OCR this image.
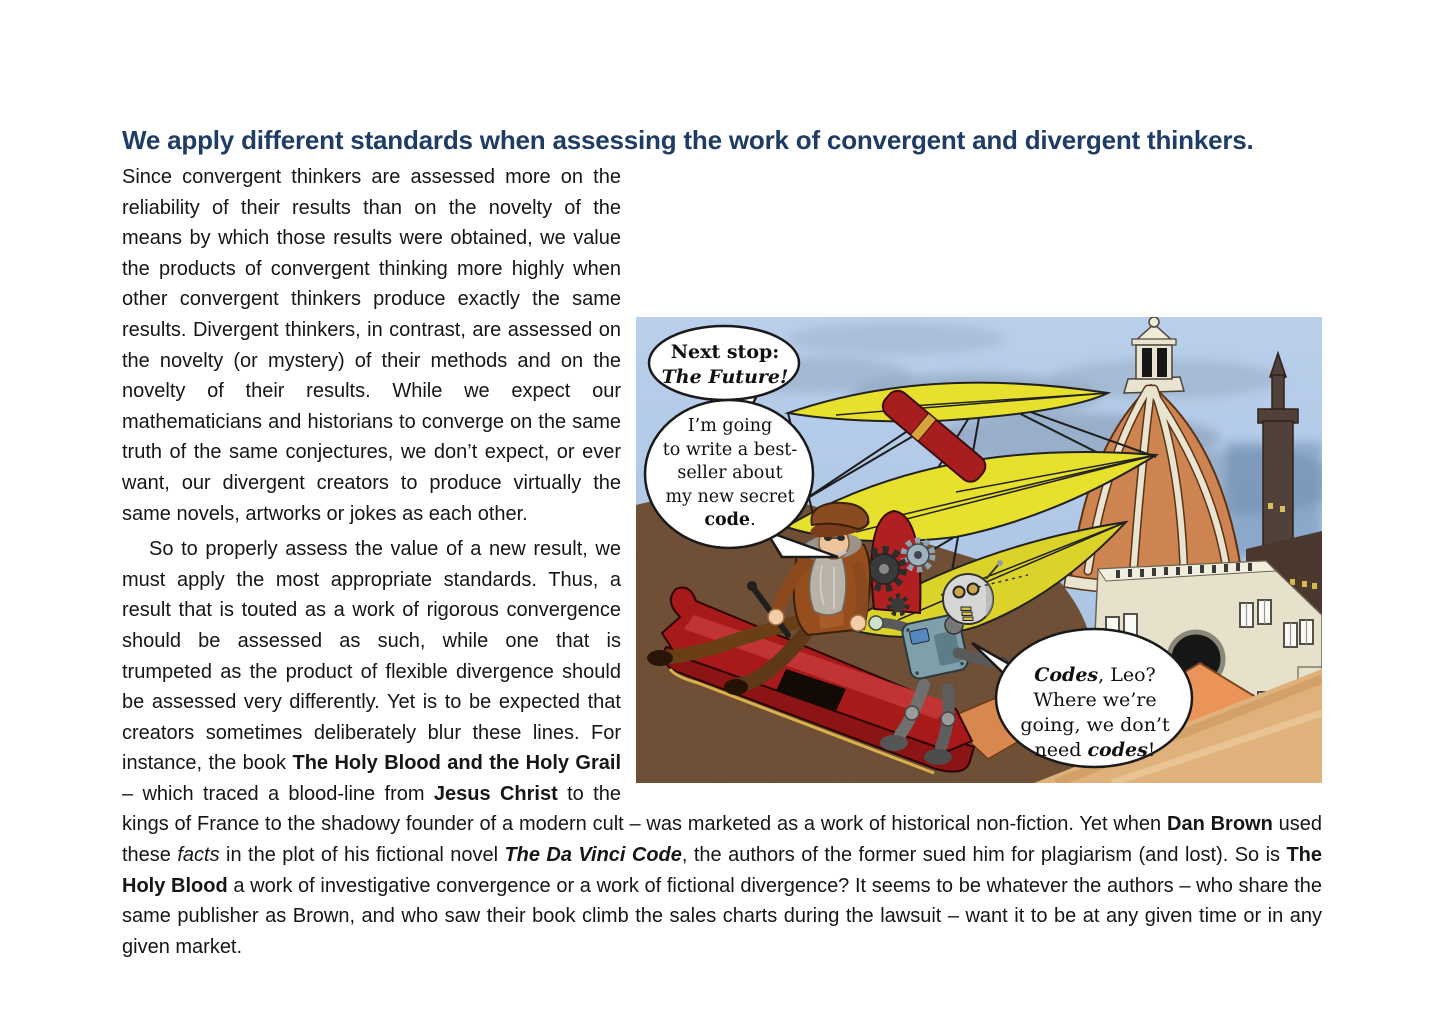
We apply different standards when assessing the work of convergent and divergent thinkers.
Next stop:
The Future!
I’m going
to write a best-
seller about
my new secret
code.
Codes, Leo?
Where we’re
going, we don’t
need codes!

Since convergent thinkers are assessed more on the reliability of their results than on the novelty of the means by which those results were obtained, we value the products of convergent thinking more highly when other convergent thinkers produce exactly the same results. Divergent thinkers, in contrast, are assessed on the novelty (or mystery) of their methods and on the novelty of their results. While we expect our mathematicians and historians to converge on the same truth of the same conjectures, we don’t expect, or ever want, our divergent creators to produce virtually the same novels, artworks or jokes as each other.

So to properly assess the value of a new result, we must apply the most appropriate standards. Thus, a result that is touted as a work of rigorous convergence should be assessed as such, while one that is trumpeted as the product of flexible divergence should be assessed very differently. Yet is to be expected that creators sometimes deliberately blur these lines. For instance, the book The Holy Blood and the Holy Grail – which traced a blood-line from Jesus Christ to the kings of France to the shadowy founder of a modern cult – was marketed as a work of historical non-fiction. Yet when Dan Brown used these facts in the plot of his fictional novel The Da Vinci Code, the authors of the former sued him for plagiarism (and lost). So is The Holy Blood a work of investigative convergence or a work of fictional divergence? It seems to be whatever the authors – who share the same publisher as Brown, and who saw their book climb the sales charts during the lawsuit – want it to be at any given time or in any given market.
